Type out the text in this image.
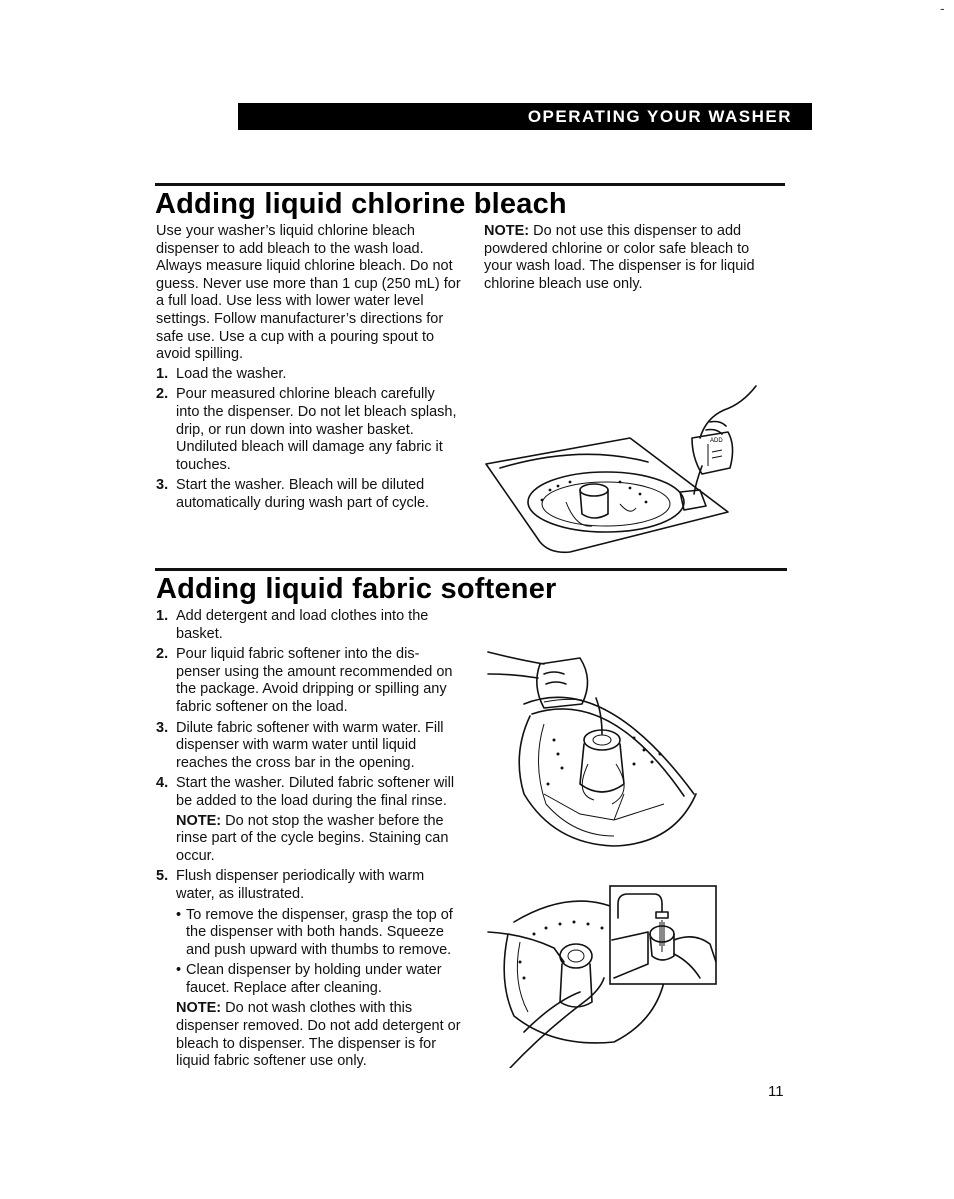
-
OPERATING YOUR WASHER
Adding liquid chlorine bleach

Use your washer’s liquid chlorine bleach dispenser to add bleach to the wash load. Always measure liquid chlorine bleach. Do not guess. Never use more than 1 cup (250 mL) for a full load. Use less with lower water level settings. Follow manufacturer’s directions for safe use. Use a cup with a pouring spout to avoid spilling.

1. Load the washer.
2. Pour measured chlorine bleach carefully into the dispenser. Do not let bleach splash, drip, or run down into washer basket. Undiluted bleach will damage any fabric it touches.
3. Start the washer. Bleach will be diluted automatically during wash part of cycle.

NOTE: Do not use this dispenser to add powdered chlorine or color safe bleach to your wash load. The dispenser is for liquid chlorine bleach use only.

ADD
Adding liquid fabric softener
1. Add detergent and load clothes into the basket.
2. Pour liquid fabric softener into the dis-penser using the amount recommended on the package. Avoid dripping or spilling any fabric softener on the load.
3. Dilute fabric softener with warm water. Fill dispenser with warm water until liquid reaches the cross bar in the opening.
4. Start the washer. Diluted fabric softener will be added to the load during the final rinse.
NOTE: Do not stop the washer before the rinse part of the cycle begins. Staining can occur.
5. Flush dispenser periodically with warm water, as illustrated.
• To remove the dispenser, grasp the top of the dispenser with both hands. Squeeze and push upward with thumbs to remove.
• Clean dispenser by holding under water faucet. Replace after cleaning.
NOTE: Do not wash clothes with this dispenser removed. Do not add detergent or bleach to dispenser. The dispenser is for liquid fabric softener use only.
11
